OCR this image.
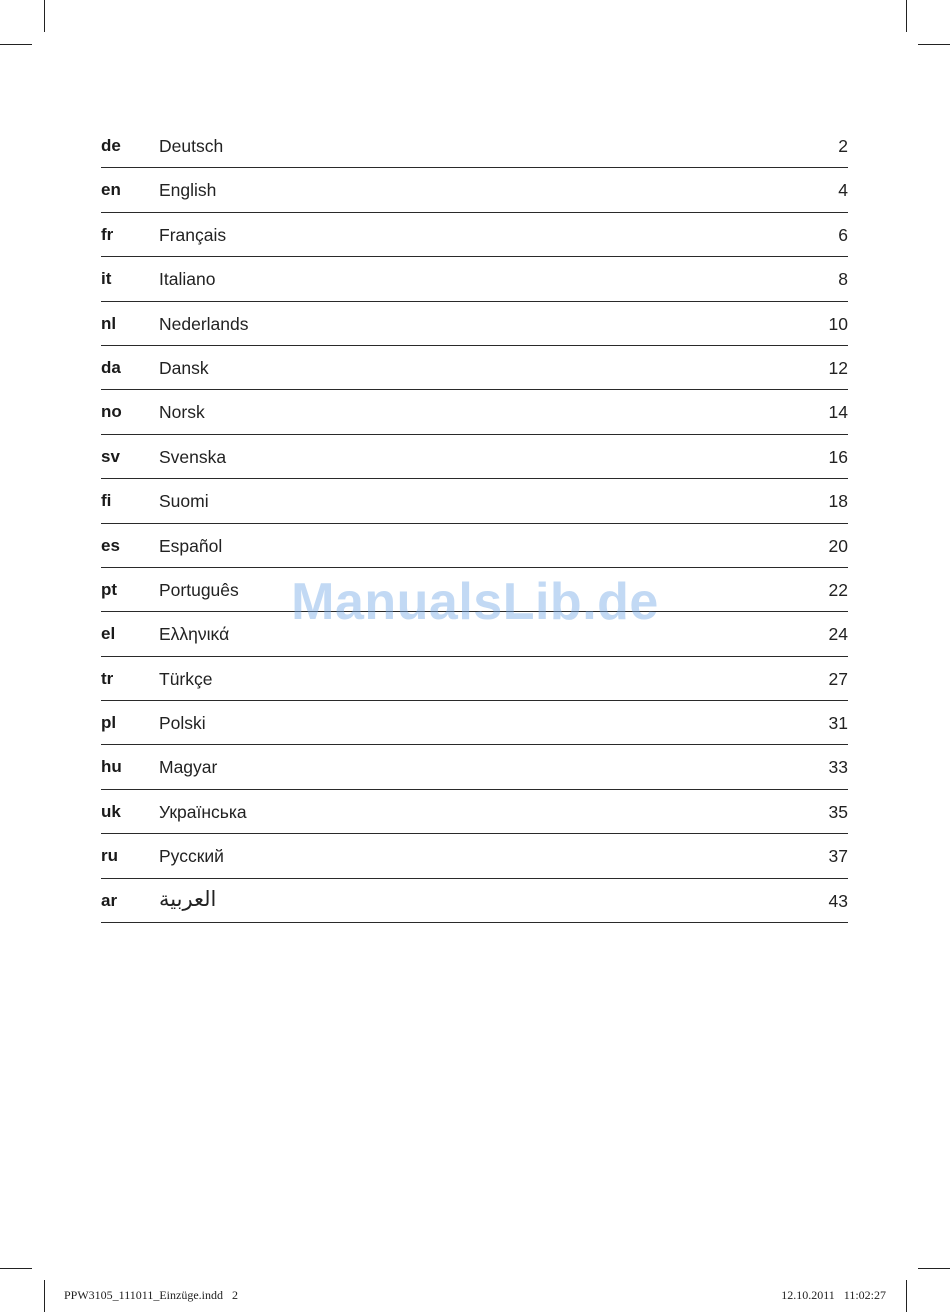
de Deutsch	2
en English	4
fr	Français	6
it	Italiano	8
nl Nederlands	10
da Dansk	12
no Norsk	14
sv Svenska	16
fi	Suomi	18
es Español	20
pt Português	22
el	Ελληνικά	24
tr	Türkçe	27
pl Polski	31
hu Magyar	33
uk Українська	35
ru Русский	37
ar العربية	43
ManualsLib.de
PPW3105_111011_Einzüge.indd   2	12.10.2011   11:02:27
